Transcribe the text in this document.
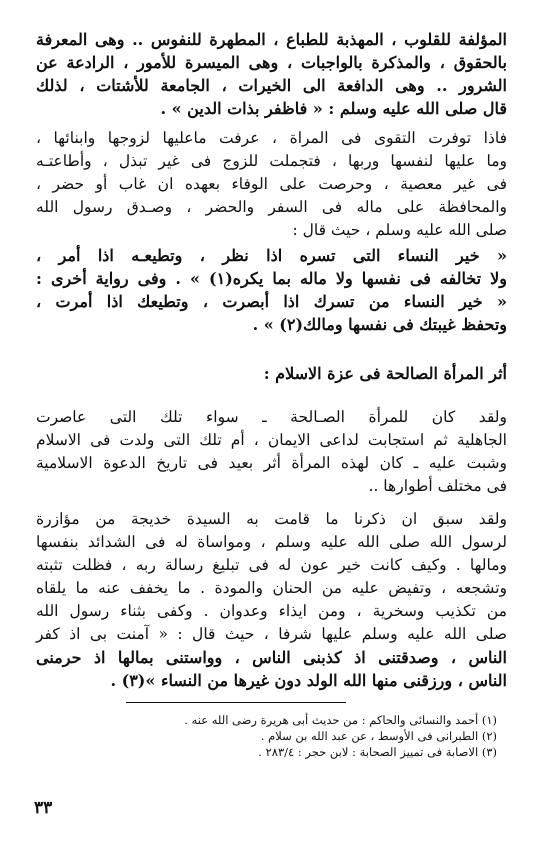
المؤلفة للقلوب ، المهذبة للطباع ، المطهرة للنفوس .. وهى المعرفة
بالحقوق ، والمذكرة بالواجبات ، وهى الميسرة للأمور ، الرادعة عن
الشرور .. وهى الدافعة الى الخيرات ، الجامعة للأشتات ، لذلك
قال صلى الله عليه وسلم : « فاظفر بذات الدين » .
فاذا توفرت التقوى فى المراة ، عرفت ماعليها لزوجها وابنائها ،
وما عليها لنفسها وربها ، فتجملت للزوج فى غير تبذل ، وأطاعتـه
فى غير معصية ، وحرصت على الوفاء بعهده ان غاب أو حضر ،
والمحافظة على ماله فى السفر والحضر ، وصـدق رسول الله
صلى الله عليه وسلم ، حيث قال :
« خير النساء التى تسره اذا نظر ، وتطيعـه اذا أمر ،
ولا تخالفه فى نفسها ولا ماله بما يكره(١) » . وفى رواية أخرى :
« خير النساء من تسرك اذا أبصرت ، وتطيعك اذا أمرت ،
وتحفظ غيبتك فى نفسها ومالك(٢) » .
أثر المرأة الصالحة فى عزة الاسلام :
ولقد كان للمرأة الصـالحة ـ سواء تلك التى عاصرت
الجاهلية ثم استجابت لداعى الايمان ، أم تلك التى ولدت فى الاسلام
وشبت عليه ـ كان لهذه المرأة أثر بعيد فى تاريخ الدعوة الاسلامية
فى مختلف أطوارها ..
ولقد سبق ان ذكرنا ما قامت به السيدة خديجة من مؤازرة
لرسول الله صلى الله عليه وسلم ، ومواساة له فى الشدائد بنفسها
ومالها . وكيف كانت خير عون له فى تبليغ رسالة ربه ، فظلت تثبته
وتشجعه ، وتفيض عليه من الحنان والمودة . ما يخفف عنه ما يلقاه
من تكذيب وسخرية ، ومن ايذاء وعدوان . وكفى بثناء رسول الله
صلى الله عليه وسلم عليها شرفا ، حيث قال : « آمنت بى اذ كفر
الناس ، وصدقتنى اذ كذبنى الناس ، وواستنى بمالها اذ حرمنى
الناس ، ورزقنى منها الله الولد دون غيرها من النساء »(٣) .
(١) أحمد والنسائى والحاكم : من حديث أبى هريرة رضى الله عنه .
(٢) الطبرانى فى الأوسط ، عن عبد الله بن سلام .
(٣) الاصابة فى تمييز الصحابة : لابن حجر : ٢٨٣/٤ .
٣٣
